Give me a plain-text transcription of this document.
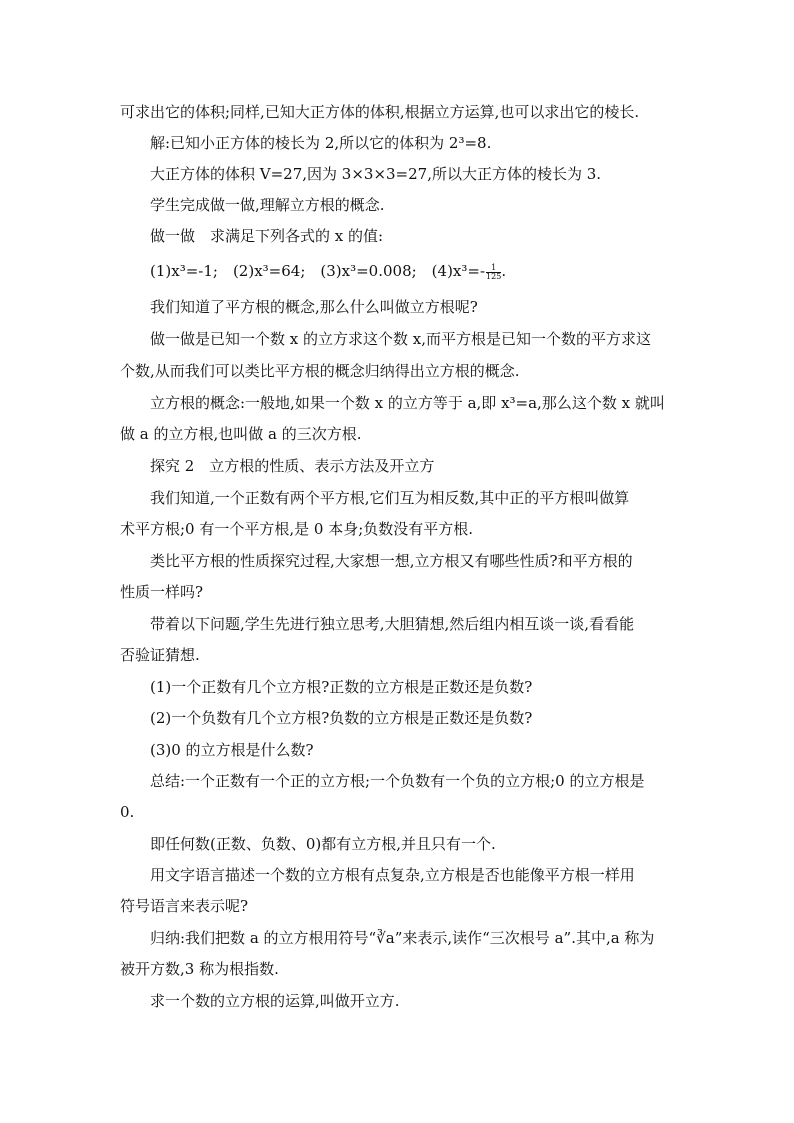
可求出它的体积;同样,已知大正方体的体积,根据立方运算,也可以求出它的棱长.

解:已知小正方体的棱长为 2,所以它的体积为 2³=8.

大正方体的体积 V=27,因为 3×3×3=27,所以大正方体的棱长为 3.

学生完成做一做,理解立方根的概念.

做一做　求满足下列各式的 x 的值:

(1)x³=-1;　(2)x³=64;　(3)x³=0.008;　$(4)x^3=- \frac{1}{125}$ .

我们知道了平方根的概念,那么什么叫做立方根呢?

做一做是已知一个数 x 的立方求这个数 x,而平方根是已知一个数的平方求这

个数,从而我们可以类比平方根的概念归纳得出立方根的概念.

立方根的概念:一般地,如果一个数 x 的立方等于 a,即 x³=a,那么这个数 x 就叫

做 a 的立方根,也叫做 a 的三次方根.

探究 2　立方根的性质、表示方法及开立方

我们知道,一个正数有两个平方根,它们互为相反数,其中正的平方根叫做算

术平方根;0 有一个平方根,是 0 本身;负数没有平方根.

类比平方根的性质探究过程,大家想一想,立方根又有哪些性质?和平方根的

性质一样吗?

带着以下问题,学生先进行独立思考,大胆猜想,然后组内相互谈一谈,看看能

否验证猜想.

(1)一个正数有几个立方根?正数的立方根是正数还是负数?

(2)一个负数有几个立方根?负数的立方根是正数还是负数?

(3)0 的立方根是什么数?

总结:一个正数有一个正的立方根;一个负数有一个负的立方根;0 的立方根是

0.

即任何数(正数、负数、0)都有立方根,并且只有一个.

用文字语言描述一个数的立方根有点复杂,立方根是否也能像平方根一样用

符号语言来表示呢?

归纳:我们把数 a 的立方根用符号“∛a”来表示,读作“三次根号 a”.其中,a 称为

被开方数,3 称为根指数.

求一个数的立方根的运算,叫做开立方.
